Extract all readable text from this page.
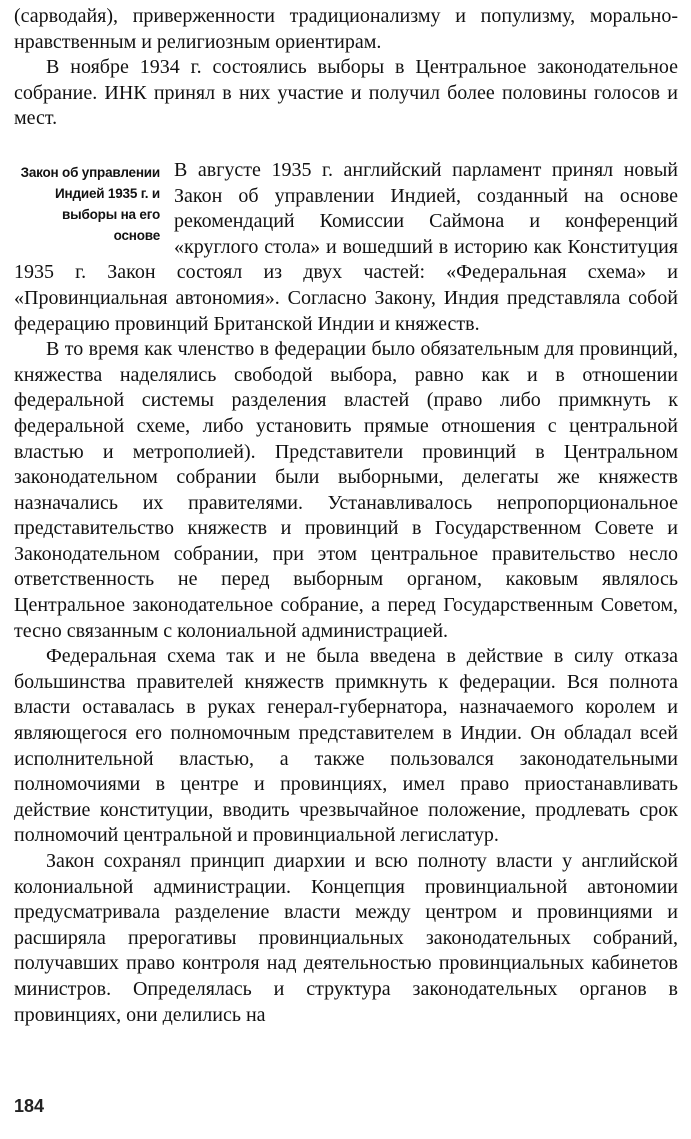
(сарводайя), приверженности традиционализму и популизму, морально-нравственным и религиозным ориентирам.

В ноябре 1934 г. состоялись выборы в Центральное законодательное собрание. ИНК принял в них участие и получил более половины голосов и мест.

Закон об управлении Индией 1935 г. и выборы на его основе

В августе 1935 г. английский парламент принял новый Закон об управлении Индией, созданный на основе рекомендаций Комиссии Саймона и конференций «круглого стола» и вошедший в историю как Конституция 1935 г. Закон состоял из двух частей: «Федеральная схема» и «Провинциальная автономия». Согласно Закону, Индия представляла собой федерацию провинций Британской Индии и княжеств.

В то время как членство в федерации было обязательным для провинций, княжества наделялись свободой выбора, равно как и в отношении федеральной системы разделения властей (право либо примкнуть к федеральной схеме, либо установить прямые отношения с центральной властью и метрополией). Представители провинций в Центральном законодательном собрании были выборными, делегаты же княжеств назначались их правителями. Устанавливалось непропорциональное представительство княжеств и провинций в Государственном Совете и Законодательном собрании, при этом центральное правительство несло ответственность не перед выборным органом, каковым являлось Центральное законодательное собрание, а перед Государственным Советом, тесно связанным с колониальной администрацией.

Федеральная схема так и не была введена в действие в силу отказа большинства правителей княжеств примкнуть к федерации. Вся полнота власти оставалась в руках генерал-губернатора, назначаемого королем и являющегося его полномочным представителем в Индии. Он обладал всей исполнительной властью, а также пользовался законодательными полномочиями в центре и провинциях, имел право приостанавливать действие конституции, вводить чрезвычайное положение, продлевать срок полномочий центральной и провинциальной легислатур.

Закон сохранял принцип диархии и всю полноту власти у английской колониальной администрации. Концепция провинциальной автономии предусматривала разделение власти между центром и провинциями и расширяла прерогативы провинциальных законодательных собраний, получавших право контроля над деятельностью провинциальных кабинетов министров. Определялась и структура законодательных органов в провинциях, они делились на

184
